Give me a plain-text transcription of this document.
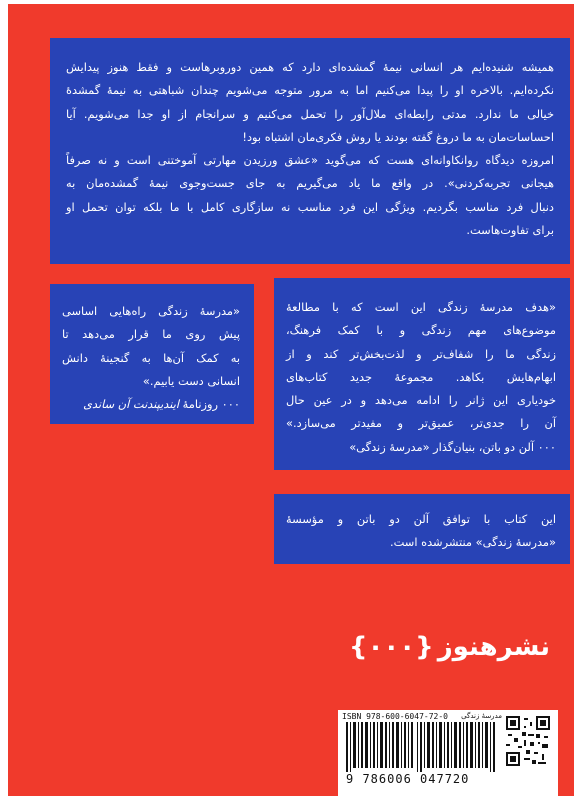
همیشه شنیده‌ایم هر انسانی نیمهٔ گمشده‌ای دارد که همین دوروبرهاست و فقط هنوز پیدایش
نکرده‌ایم. بالاخره او را پیدا می‌کنیم اما به مرور متوجه می‌شویم چندان شباهتی به نیمهٔ گمشدهٔ
خیالی ما ندارد. مدتی رابطه‌ای ملال‌آور را تحمل می‌کنیم و سرانجام از او جدا می‌شویم. آیا
احساسات‌مان به ما دروغ گفته بودند یا روش فکری‌مان اشتباه بود!
امروزه دیدگاه روانکاوانه‌ای هست که می‌گوید «عشق ورزیدن مهارتی آموختنی است و نه صرفاً
هیجانی تجربه‌کردنی». در واقع ما یاد می‌گیریم به جای جست‌وجوی نیمهٔ گمشده‌مان به
دنبال فرد مناسب بگردیم. ویژگی این فرد مناسب نه سازگاری کامل با ما بلکه توان تحمل او
برای تفاوت‌هاست.

«هدف مدرسهٔ زندگی این است که با مطالعهٔ
موضوع‌های مهم زندگی و با کمک فرهنگ،
زندگی ما را شفاف‌تر و لذت‌بخش‌تر کند و از
ابهام‌هایش بکاهد. مجموعهٔ جدید کتاب‌های
خودیاری این ژانر را ادامه می‌دهد و در عین حال
آن را جدی‌تر، عمیق‌تر و مفیدتر می‌سازد.»
۰۰۰ آلن دو باتن، بنیان‌گذار «مدرسهٔ زندگی»

«مدرسهٔ زندگی راه‌هایی اساسی
پیش روی ما قرار می‌دهد تا
به کمک آن‌ها به گنجینهٔ دانش
انسانی دست یابیم.»
۰۰۰ روزنامهٔ ایندیپندنت آن ساندی

این کتاب با توافق آلن دو باتن و مؤسسهٔ
«مدرسهٔ زندگی» منتشرشده است.

نشرهنوز
{۰۰۰}
ISBN 978-600-6047-72-0 مدرسهٔ زندگی
9 786006 047720
